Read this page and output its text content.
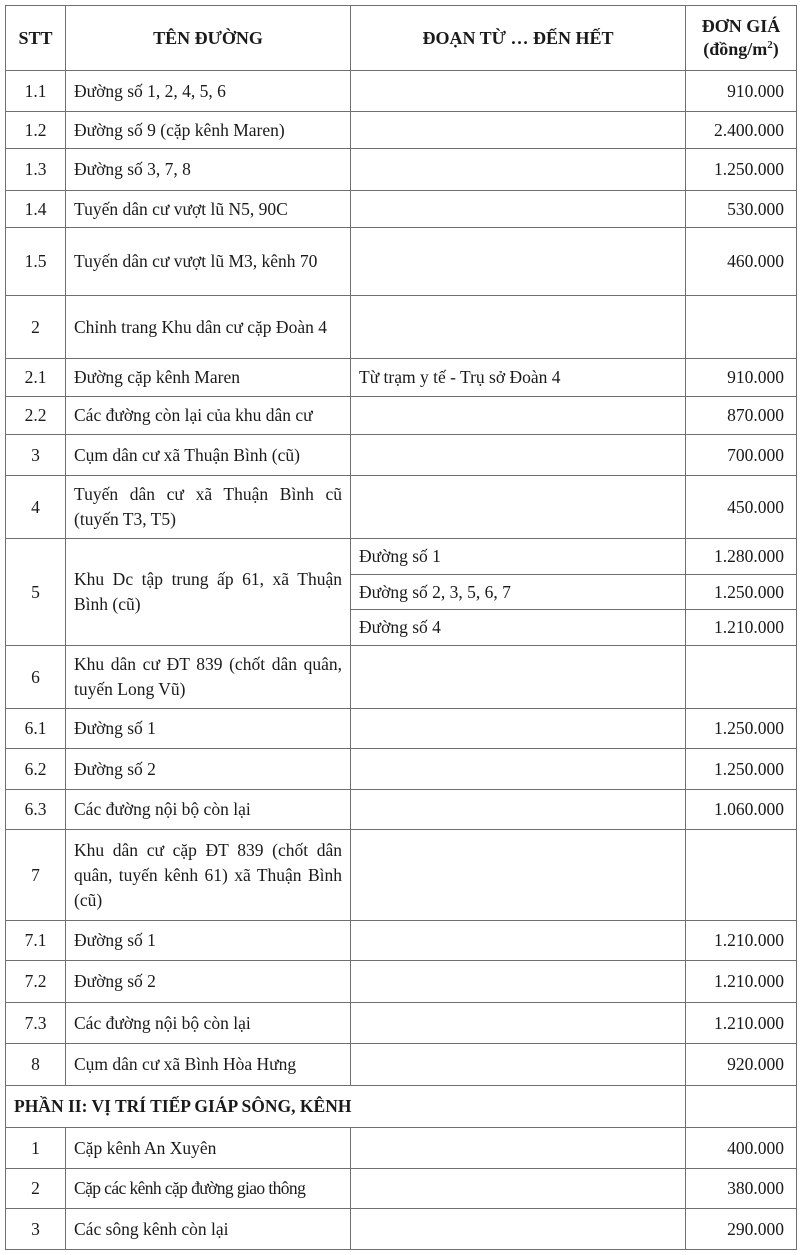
STT	TÊN ĐƯỜNG	ĐOẠN TỪ … ĐẾN HẾT	ĐƠN GIÁ
$(đồng/m^2)$
1.1	Đường số 1, 2, 4, 5, 6		910.000
1.2	Đường số 9 (cặp kênh Maren)		2.400.000
1.3	Đường số 3, 7, 8		1.250.000
1.4	Tuyến dân cư vượt lũ N5, 90C		530.000
1.5	Tuyến dân cư vượt lũ M3, kênh 70		460.000
2	Chỉnh trang Khu dân cư cặp Đoàn 4		
2.1	Đường cặp kênh Maren	Từ trạm y tế - Trụ sở Đoàn 4	910.000
2.2	Các đường còn lại của khu dân cư		870.000
3	Cụm dân cư xã Thuận Bình (cũ)		700.000
4	Tuyến dân cư xã Thuận Bình cũ (tuyến T3, T5)		450.000
5	Khu Dc tập trung ấp 61, xã Thuận Bình (cũ)	Đường số 1	1.280.000
		Đường số 2, 3, 5, 6, 7	1.250.000
		Đường số 4	1.210.000
6	Khu dân cư ĐT 839 (chốt dân quân, tuyến Long Vũ)		
6.1	Đường số 1		1.250.000
6.2	Đường số 2		1.250.000
6.3	Các đường nội bộ còn lại		1.060.000
7	Khu dân cư cặp ĐT 839 (chốt dân quân, tuyến kênh 61) xã Thuận Bình (cũ)		
7.1	Đường số 1		1.210.000
7.2	Đường số 2		1.210.000
7.3	Các đường nội bộ còn lại		1.210.000
8	Cụm dân cư xã Bình Hòa Hưng		920.000
PHẦN II: VỊ TRÍ TIẾP GIÁP SÔNG, KÊNH			
1	Cặp kênh An Xuyên		400.000
2	Cặp các kênh cặp đường giao thông		380.000
3	Các sông kênh còn lại		290.000
